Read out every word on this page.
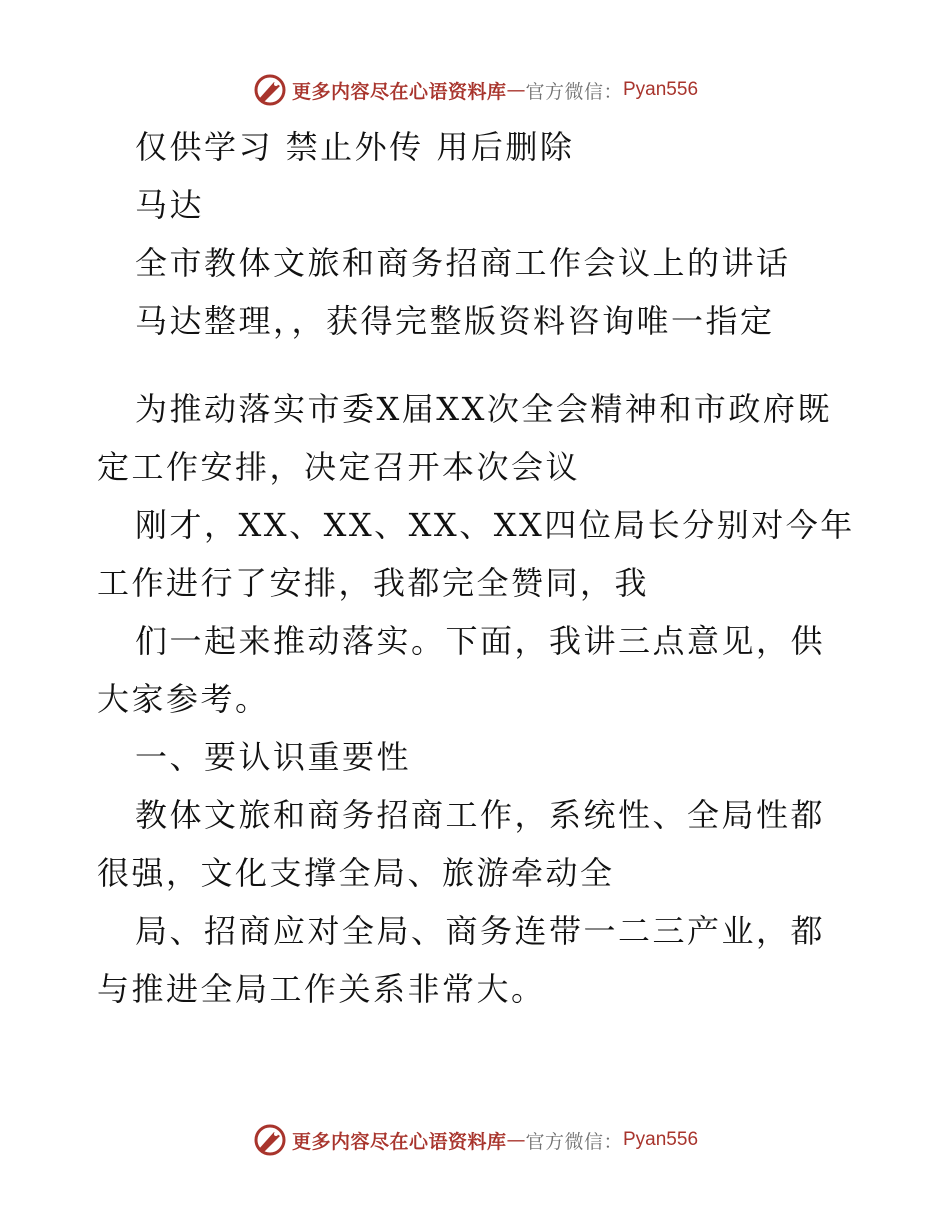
更多内容尽在心语资料库 — 官方微信： Pyan556

仅供学习 禁止外传 用后删除

马达

全市教体文旅和商务招商工作会议上的讲话

马达整理，，获得完整版资料咨询唯一指定

为推动落实市委X届XX次全会精神和市政府既定工作安排，决定召开本次会议

刚才，XX、XX、XX、XX四位局长分别对今年工作进行了安排，我都完全赞同，我

们一起来推动落实。下面，我讲三点意见，供大家参考。

一、要认识重要性

教体文旅和商务招商工作，系统性、全局性都很强，文化支撑全局、旅游牵动全

局、招商应对全局、商务连带一二三产业，都与推进全局工作关系非常大。

更多内容尽在心语资料库 — 官方微信： Pyan556
